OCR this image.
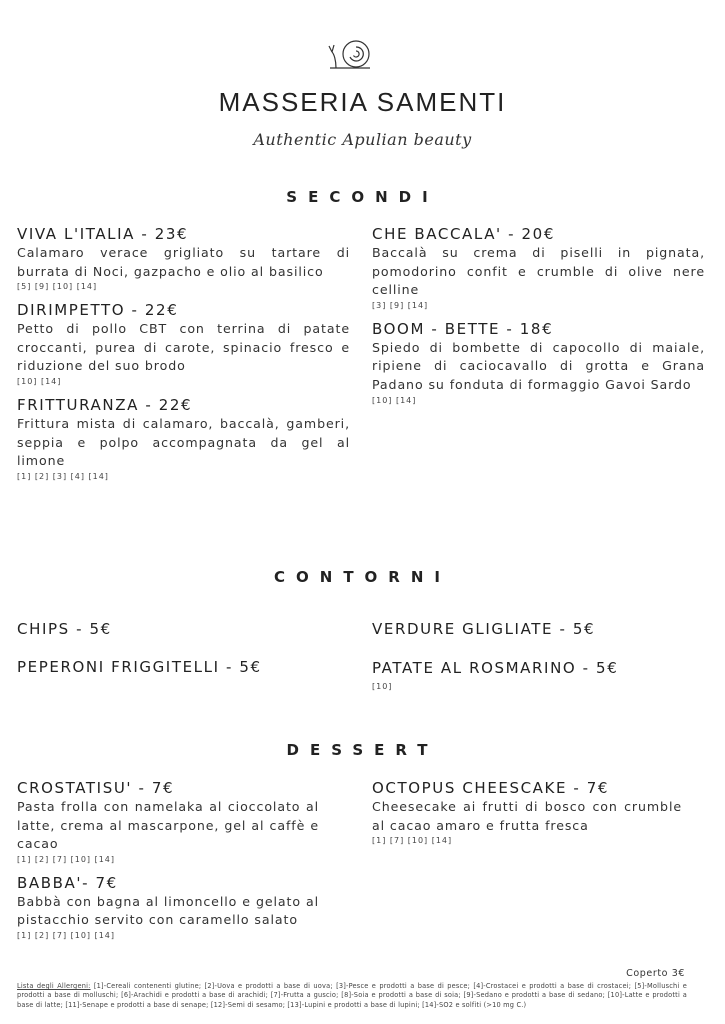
MASSERIA SAMENTI
Authentic Apulian beauty
SECONDI
VIVA L'ITALIA - 23€
Calamaro verace grigliato su tartare di burrata di Noci, gazpacho e olio al basilico
[5] [9] [10] [14]
DIRIMPETTO - 22€
Petto di pollo CBT con terrina di patate croccanti, purea di carote, spinacio fresco e riduzione del suo brodo
[10] [14]
FRITTURANZA - 22€
Frittura mista di calamaro, baccalà, gamberi, seppia e polpo accompagnata da gel al limone
[1] [2] [3] [4] [14]
CHE BACCALA' - 20€
Baccalà su crema di piselli in pignata, pomodorino confit e crumble di olive nere celline
[3] [9] [14]
BOOM - BETTE - 18€
Spiedo di bombette di capocollo di maiale, ripiene di caciocavallo di grotta e Grana Padano su fonduta di formaggio Gavoi Sardo
[10] [14]
CONTORNI
CHIPS - 5€
PEPERONI FRIGGITELLI - 5€
VERDURE GLIGLIATE - 5€
PATATE AL ROSMARINO - 5€
[10]
DESSERT
CROSTATISU' - 7€
Pasta frolla con namelaka al cioccolato al latte, crema al mascarpone, gel al caffè e cacao
[1] [2] [7] [10] [14]
BABBA'- 7€
Babbà con bagna al limoncello e gelato al pistacchio servito con caramello salato
[1] [2] [7] [10] [14]
OCTOPUS CHEESCAKE - 7€
Cheesecake ai frutti di bosco con crumble al cacao amaro e frutta fresca
[1] [7] [10] [14]
Coperto 3€
Lista degli Allergeni: [1]-Cereali contenenti glutine; [2]-Uova e prodotti a base di uova; [3]-Pesce e prodotti a base di pesce; [4]-Crostacei e prodotti a base di crostacei; [5]-Molluschi e prodotti a base di molluschi; [6]-Arachidi e prodotti a base di arachidi; [7]-Frutta a guscio; [8]-Soia e prodotti a base di soia; [9]-Sedano e prodotti a base di sedano; [10]-Latte e prodotti a base di latte; [11]-Senape e prodotti a base di senape; [12]-Semi di sesamo; [13]-Lupini e prodotti a base di lupini; [14]-SO2 e solfiti (>10 mg C.)
